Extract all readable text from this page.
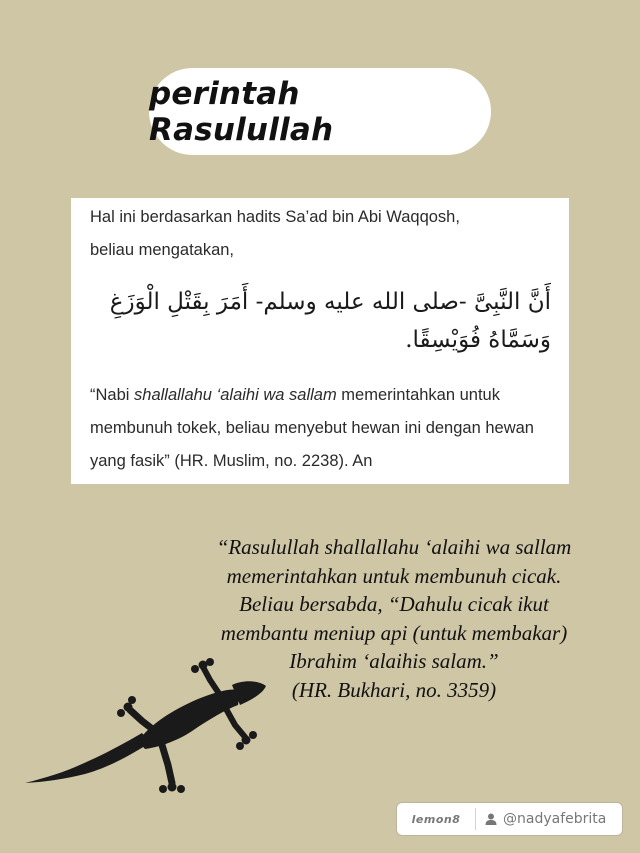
perintah Rasulullah

Hal ini berdasarkan hadits Sa’ad bin Abi Waqqosh,
beliau mengatakan,

أَنَّ النَّبِىَّ -صلى الله عليه وسلم- أَمَرَ بِقَتْلِ الْوَزَغِ وَسَمَّاهُ فُوَيْسِقًا.

“Nabi shallallahu ‘alaihi wa sallam memerintahkan untuk membunuh tokek, beliau menyebut hewan ini dengan hewan yang fasik” (HR. Muslim, no. 2238). An

“Rasulullah shallallahu ‘alaihi wa sallam
memerintahkan untuk membunuh cicak.
Beliau bersabda, “Dahulu cicak ikut
membantu meniup api (untuk membakar)
Ibrahim ‘alaihis salam.”
(HR. Bukhari, no. 3359)
lemon8	@nadyafebrita
